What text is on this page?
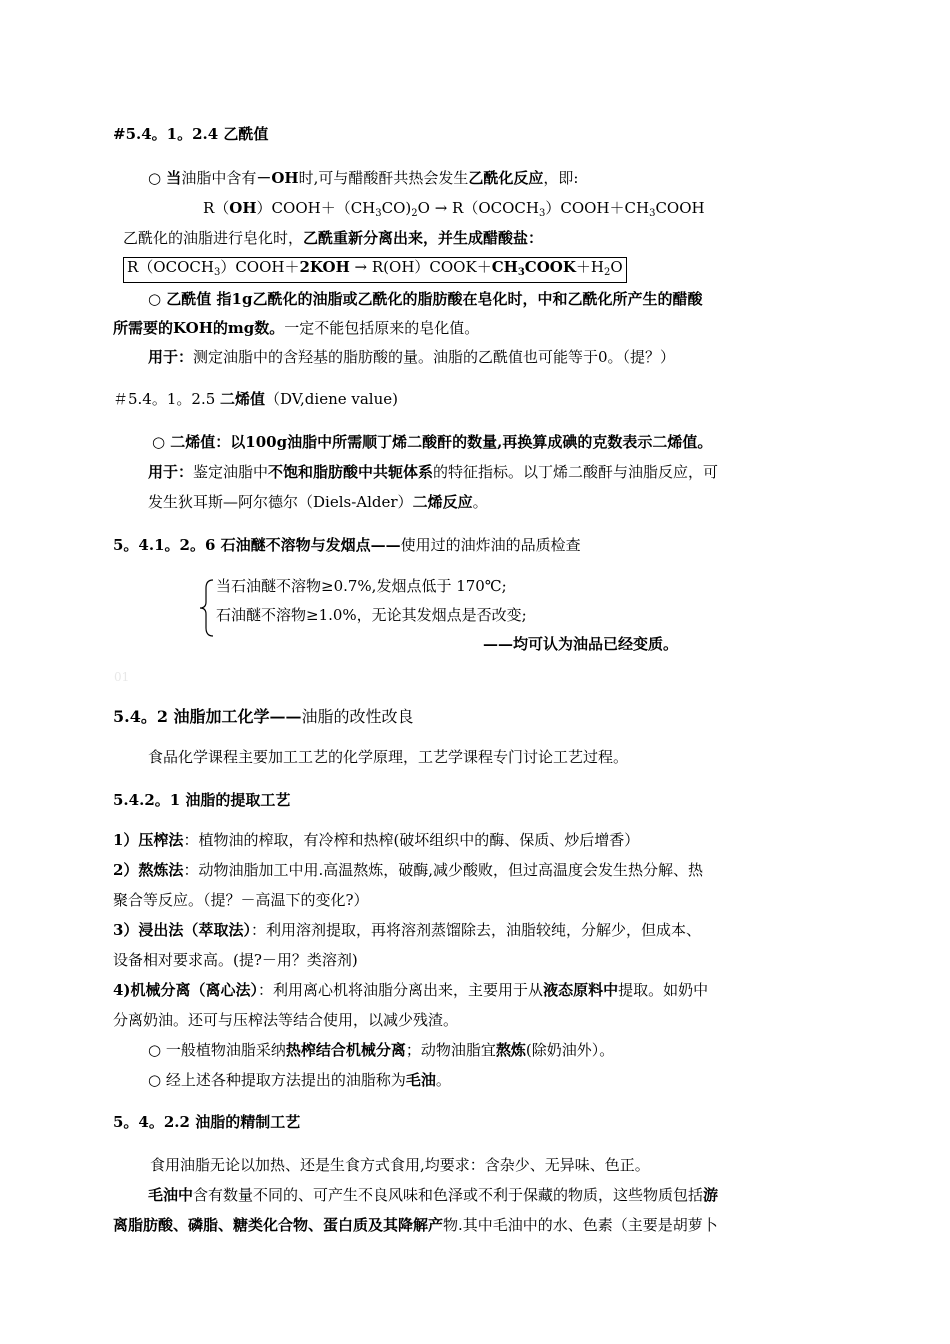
#5.4。1。2.4 乙酰值
○ 当油脂中含有－OH时,可与醋酸酐共热会发生乙酰化反应，即:
$R(OH)COOH+(CH_3CO)_2O$ → $R(OCOCH_3)COOH+CH_3COOH$
乙酰化的油脂进行皂化时，乙酰重新分离出来，并生成醋酸盐：
$R(OCOCH_3)COOH+2KOH$ → $R(OH)COOK+CH_3COOK+H_2O$
○ 乙酰值 指1g乙酰化的油脂或乙酰化的脂肪酸在皂化时，中和乙酰化所产生的醋酸
所需要的KOH的mg数。一定不能包括原来的皂化值。
用于：测定油脂中的含羟基的脂肪酸的量。油脂的乙酰值也可能等于0。（提？）
＃5.4。1。2.5 二烯值（DV,diene value)
○ 二烯值：以100g油脂中所需顺丁烯二酸酐的数量,再换算成碘的克数表示二烯值。
用于：鉴定油脂中不饱和脂肪酸中共轭体系的特征指标。以丁烯二酸酐与油脂反应，可
发生狄耳斯—阿尔德尔（Diels-Alder）二烯反应。
5。4.1。2。6 石油醚不溶物与发烟点——使用过的油炸油的品质检查
当石油醚不溶物≥0.7%,发烟点低于 170℃;
石油醚不溶物≥1.0%，无论其发烟点是否改变;
——均可认为油品已经变质。
01
5.4。2 油脂加工化学——油脂的改性改良
食品化学课程主要加工工艺的化学原理，工艺学课程专门讨论工艺过程。
5.4.2。1 油脂的提取工艺
1）压榨法：植物油的榨取，有冷榨和热榨(破坏组织中的酶、保质、炒后增香）
2）熬炼法：动物油脂加工中用.高温熬炼，破酶,减少酸败，但过高温度会发生热分解、热
聚合等反应。（提？－高温下的变化?）
3）浸出法（萃取法）：利用溶剂提取，再将溶剂蒸馏除去，油脂较纯，分解少，但成本、
设备相对要求高。(提?－用？类溶剂)
4)机械分离（离心法）：利用离心机将油脂分离出来，主要用于从液态原料中提取。如奶中
分离奶油。还可与压榨法等结合使用，以减少残渣。
○ 一般植物油脂采纳热榨结合机械分离；动物油脂宜熬炼(除奶油外）。
○ 经上述各种提取方法提出的油脂称为毛油。
5。4。2.2 油脂的精制工艺
食用油脂无论以加热、还是生食方式食用,均要求：含杂少、无异味、色正。
毛油中含有数量不同的、可产生不良风味和色泽或不利于保藏的物质，这些物质包括游
离脂肪酸、磷脂、糖类化合物、蛋白质及其降解产物.其中毛油中的水、色素（主要是胡萝卜
